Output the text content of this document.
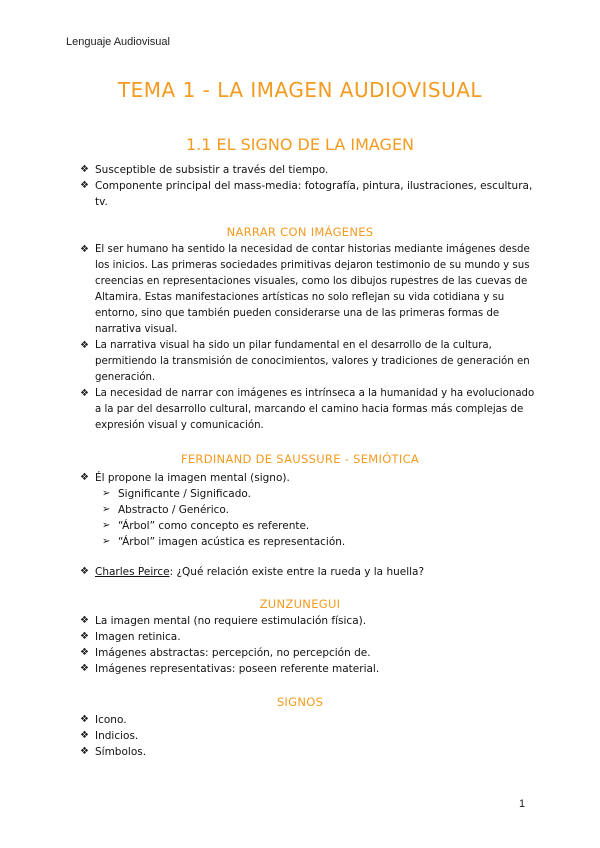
Lenguaje Audiovisual
TEMA 1 - LA IMAGEN AUDIOVISUAL
1.1 EL SIGNO DE LA IMAGEN
❖ Susceptible de subsistir a través del tiempo.
❖ Componente principal del mass-media: fotografía, pintura, ilustraciones, escultura, tv.
NARRAR CON IMÁGENES
❖ El ser humano ha sentido la necesidad de contar historias mediante imágenes desde los inicios. Las primeras sociedades primitivas dejaron testimonio de su mundo y sus creencias en representaciones visuales, como los dibujos rupestres de las cuevas de Altamira. Estas manifestaciones artísticas no solo reflejan su vida cotidiana y su entorno, sino que también pueden considerarse una de las primeras formas de narrativa visual.
❖ La narrativa visual ha sido un pilar fundamental en el desarrollo de la cultura, permitiendo la transmisión de conocimientos, valores y tradiciones de generación en generación.
❖ La necesidad de narrar con imágenes es intrínseca a la humanidad y ha evolucionado a la par del desarrollo cultural, marcando el camino hacia formas más complejas de expresión visual y comunicación.
FERDINAND DE SAUSSURE - SEMIÓTICA
❖ Él propone la imagen mental (signo).
➢ Significante / Significado.
➢ Abstracto / Genérico.
➢ “Árbol” como concepto es referente.
➢ “Árbol” imagen acústica es representación.
❖ Charles Peirce: ¿Qué relación existe entre la rueda y la huella?
ZUNZUNEGUI
❖ La imagen mental (no requiere estimulación física).
❖ Imagen retinica.
❖ Imágenes abstractas: percepción, no percepción de.
❖ Imágenes representativas: poseen referente material.
SIGNOS
❖ Icono.
❖ Indicios.
❖ Símbolos.
1
